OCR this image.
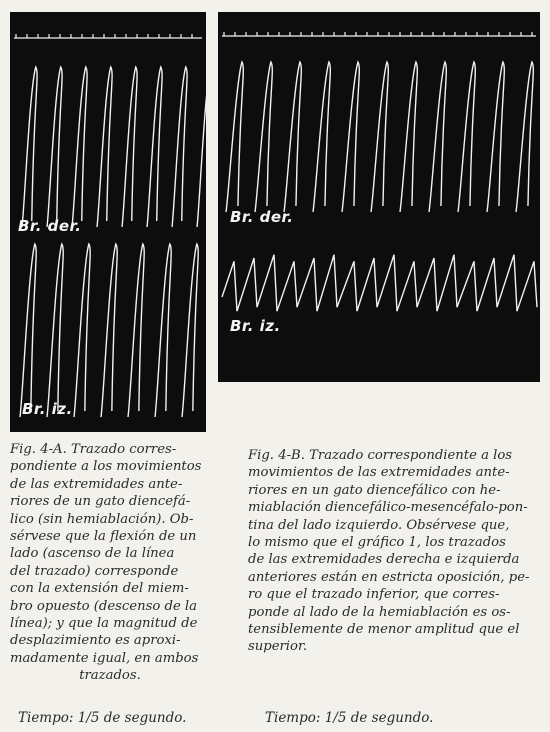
Br. der.
Br. iz.
Br. der.
Br. iz.
Fig. 4-A. Trazado corres-
pondiente a los movimientos
de las extremidades ante-
riores de un gato diencefá-
lico (sin hemiablación). Ob-
sérvese que la flexión de un
lado (ascenso de la línea
del trazado) corresponde
con la extensión del miem-
bro opuesto (descenso de la
línea); y que la magnitud de
desplazimiento es aproxi-
madamente igual, en ambos
trazados.
Fig. 4-B. Trazado correspondiente a los
movimientos de las extremidades ante-
riores en un gato diencefálico con he-
miablación diencefálico-mesencéfalo-pon-
tina del lado izquierdo. Obsérvese que,
lo mismo que el gráfico 1, los trazados
de las extremidades derecha e izquierda
anteriores están en estricta oposición, pe-
ro que el trazado inferior, que corres-
ponde al lado de la hemiablación es os-
tensiblemente de menor amplitud que el
superior.
Tiempo: 1/5 de segundo.	Tiempo: 1/5 de segundo.
